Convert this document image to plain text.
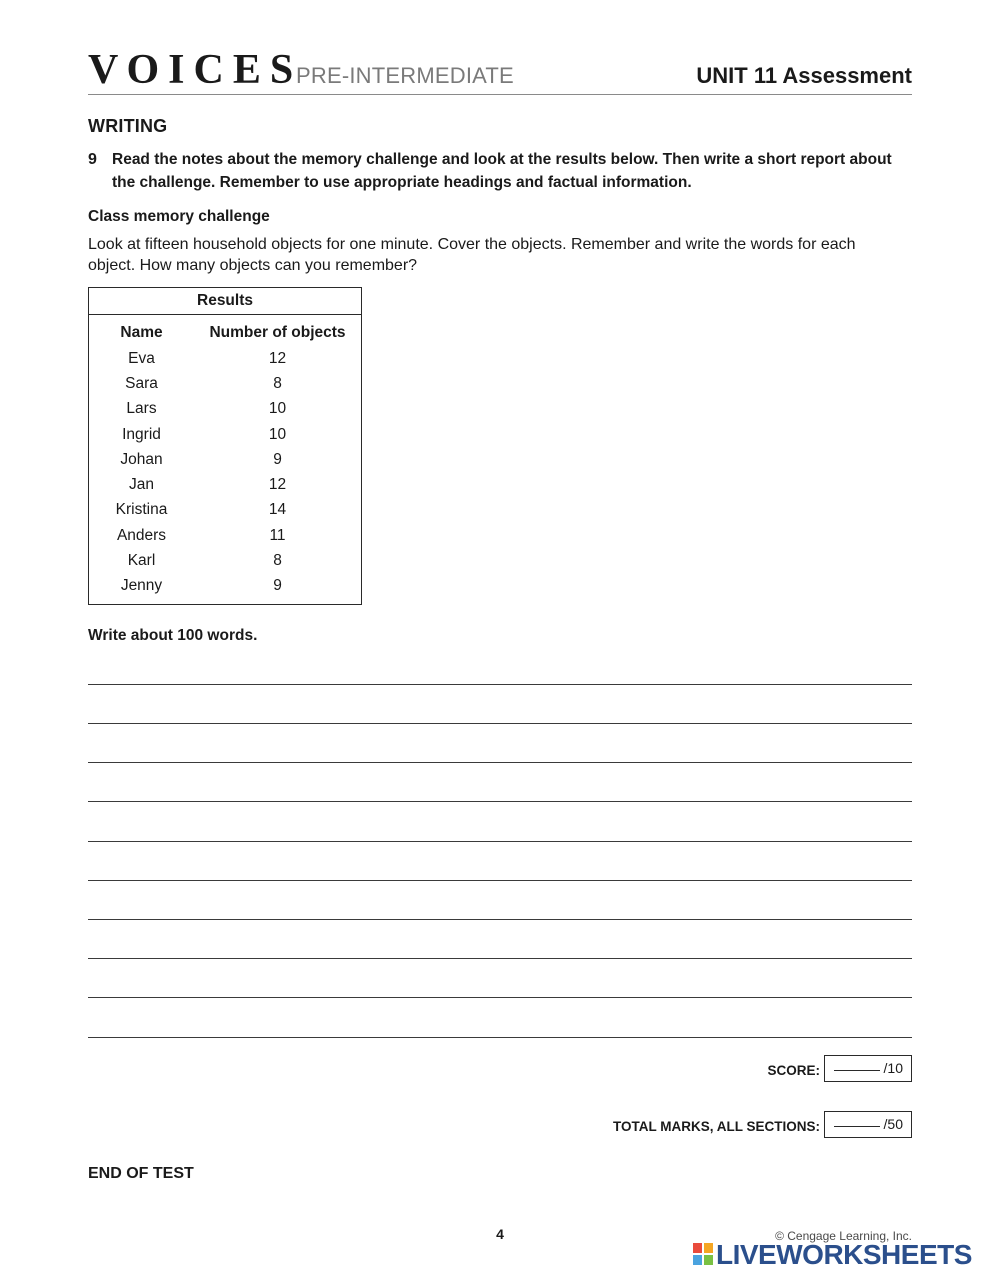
VOICES
PRE-INTERMEDIATE	UNIT 11 Assessment
WRITING
9 Read the notes about the memory challenge and look at the results below. Then write a short report about the challenge. Remember to use appropriate headings and factual information.
Class memory challenge
Look at fifteen household objects for one minute. Cover the objects. Remember and write the words for each object. How many objects can you remember?
Results
Name	Number of objects
Eva	12
Sara	8
Lars	10
Ingrid	10
Johan	9
Jan	12
Kristina	14
Anders	11
Karl	8
Jenny	9
Write about 100 words.
SCORE:	/10
TOTAL MARKS, ALL SECTIONS:	/50
END OF TEST
4	© Cengage Learning, Inc.
LIVEWORKSHEETS
